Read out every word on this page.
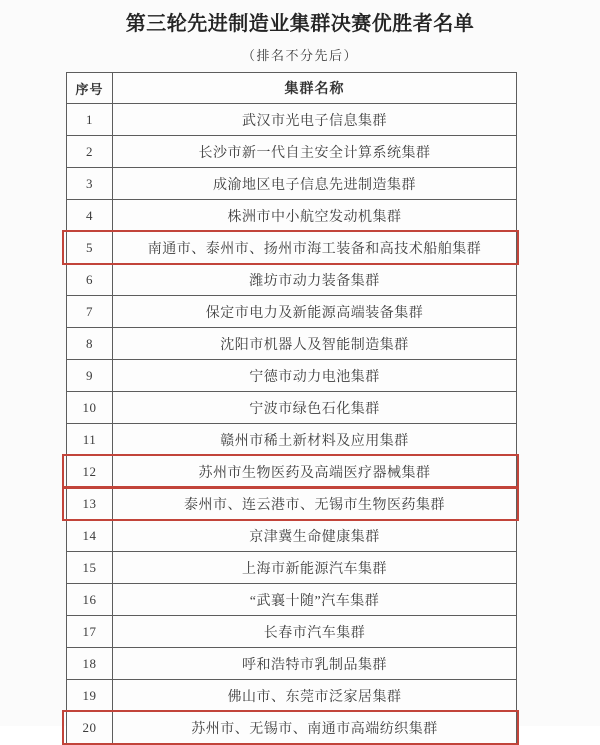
第三轮先进制造业集群决赛优胜者名单
（排名不分先后）
序号	集群名称
1	武汉市光电子信息集群
2	长沙市新一代自主安全计算系统集群
3	成渝地区电子信息先进制造集群
4	株洲市中小航空发动机集群
5	南通市、泰州市、扬州市海工装备和高技术船舶集群
6	潍坊市动力装备集群
7	保定市电力及新能源高端装备集群
8	沈阳市机器人及智能制造集群
9	宁德市动力电池集群
10	宁波市绿色石化集群
11	赣州市稀土新材料及应用集群
12	苏州市生物医药及高端医疗器械集群
13	泰州市、连云港市、无锡市生物医药集群
14	京津冀生命健康集群
15	上海市新能源汽车集群
16	“武襄十随”汽车集群
17	长春市汽车集群
18	呼和浩特市乳制品集群
19	佛山市、东莞市泛家居集群
20	苏州市、无锡市、南通市高端纺织集群
